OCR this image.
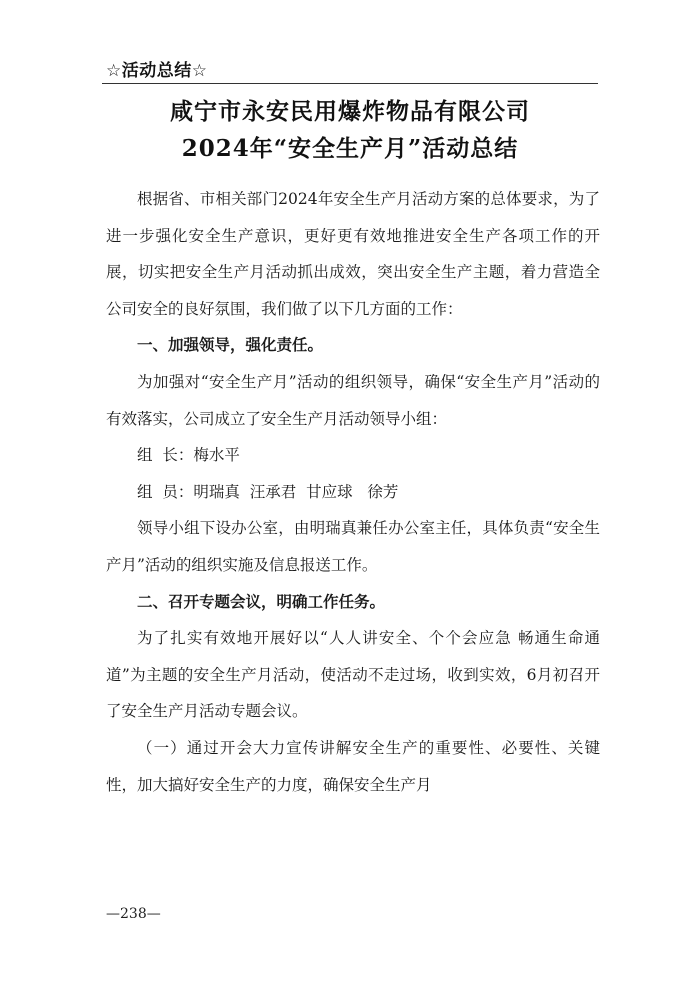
☆活动总结☆
咸宁市永安民用爆炸物品有限公司
2024年“安全生产月”活动总结

根据省、市相关部门2024年安全生产月活动方案的总体要求，为了进一步强化安全生产意识，更好更有效地推进安全生产各项工作的开展，切实把安全生产月活动抓出成效，突出安全生产主题，着力营造全公司安全的良好氛围，我们做了以下几方面的工作：

一、加强领导，强化责任。

为加强对“安全生产月”活动的组织领导，确保“安全生产月”活动的有效落实，公司成立了安全生产月活动领导小组：

组  长：梅水平

组  员：明瑞真  汪承君  甘应球   徐芳

领导小组下设办公室，由明瑞真兼任办公室主任，具体负责“安全生产月”活动的组织实施及信息报送工作。

二、召开专题会议，明确工作任务。

为了扎实有效地开展好以“人人讲安全、个个会应急 畅通生命通道”为主题的安全生产月活动，使活动不走过场，收到实效，6月初召开了安全生产月活动专题会议。

（一）通过开会大力宣传讲解安全生产的重要性、必要性、关键性，加大搞好安全生产的力度，确保安全生产月

—238—
